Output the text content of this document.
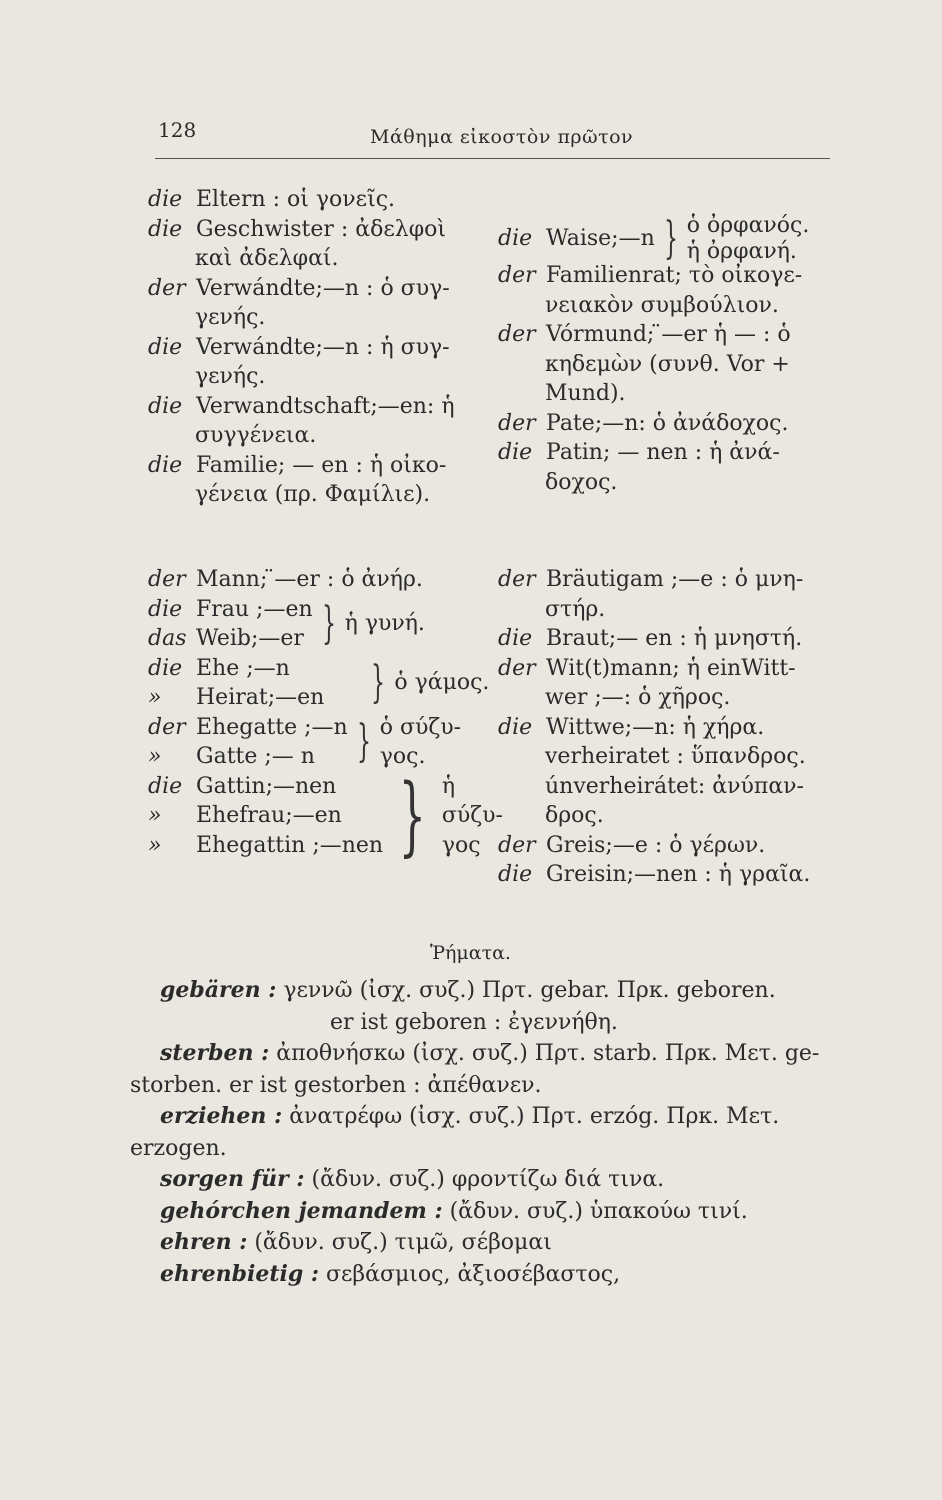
128	Μάθημα εἰκοστὸν πρῶτον
die Eltern : οἱ γονεῖς.
die Geschwister : ἀδελφοὶ
καὶ ἀδελφαί.
der Verwándte;—n : ὁ συγ-
γενής.
die Verwándte;—n : ἡ συγ-
γενής.
die Verwandtschaft;—en: ἡ
συγγένεια.
die Familie; — en : ἡ οἰκο-
γένεια (πρ. Φαμίλιε).
die Waise;—n } ὁ ὀρφανός.
ἡ ὀρφανή.
der Familienrat; τὸ οἰκογε-
νειακὸν συμβούλιον.
der Vórmund; ̈—er ἡ — : ὁ
κηδεμὼν (συνθ. Vor +
Mund).
der Pate;—n: ὁ ἀνάδοχος.
die Patin; — nen : ἡ ἀνά-
δοχος.
der Mann; ̈—er : ὁ ἀνήρ.
die Frau ;—en
das Weib;—er } ἡ γυνή.
die Ehe ;—n
» Heirat;—en } ὁ γάμος.
der Ehegatte ;—n
» Gatte ;— n } ὁ σύζυ-
γος.
die Gattin;—nen
» Ehefrau;—en
» Ehegattin ;—nen } ἡ
σύζυ-
γος
der Bräutigam ;—e : ὁ μνη-
στήρ.
die Braut;— en : ἡ μνηστή.
der Wit(t)mann; ἡ einWitt-
wer ;—: ὁ χῆρος.
die Wittwe;—n: ἡ χήρα.
verheiratet : ὕπανδρος.
únverheirátet: ἀνύπαν-
δρος.
der Greis;—e : ὁ γέρων.
die Greisin;—nen : ἡ γραῖα.
Ῥήματα.
gebären : γεννῶ (ἰσχ. συζ.) Πρτ. gebar. Πρκ. geboren.
er ist geboren : ἐγεννήθη.
sterben : ἀποθνήσκω (ἰσχ. συζ.) Πρτ. starb. Πρκ. Μετ. ge-
storben. er ist gestorben : ἀπέθανεν.
erziehen : ἀνατρέφω (ἰσχ. συζ.) Πρτ. erzóg. Πρκ. Μετ.
erzogen.
sorgen für : (ἄδυν. συζ.) φροντίζω διά τινα.
gehórchen jemandem : (ἄδυν. συζ.) ὑπακούω τινί.
ehren : (ἄδυν. συζ.) τιμῶ, σέβομαι
ehrenbietig : σεβάσμιος, ἀξιοσέβαστος,
